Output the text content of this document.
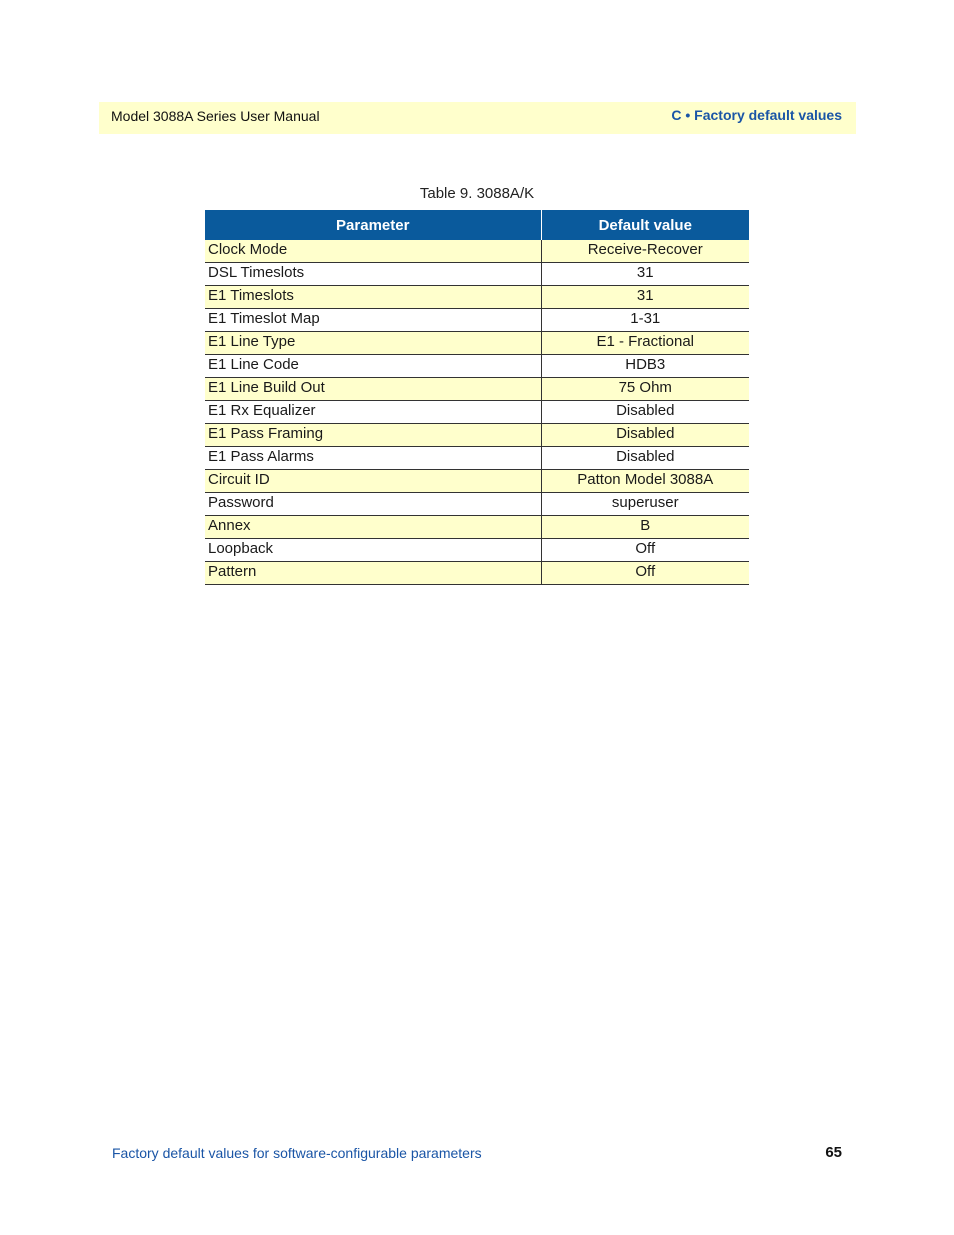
Model 3088A Series User Manual	C • Factory default values
Table 9. 3088A/K
Parameter	Default value
Clock Mode	Receive-Recover
DSL Timeslots	31
E1 Timeslots	31
E1 Timeslot Map	1-31
E1 Line Type	E1 - Fractional
E1 Line Code	HDB3
E1 Line Build Out	75 Ohm
E1 Rx Equalizer	Disabled
E1 Pass Framing	Disabled
E1 Pass Alarms	Disabled
Circuit ID	Patton Model 3088A
Password	superuser
Annex	B
Loopback	Off
Pattern	Off
Factory default values for software-configurable parameters	65
